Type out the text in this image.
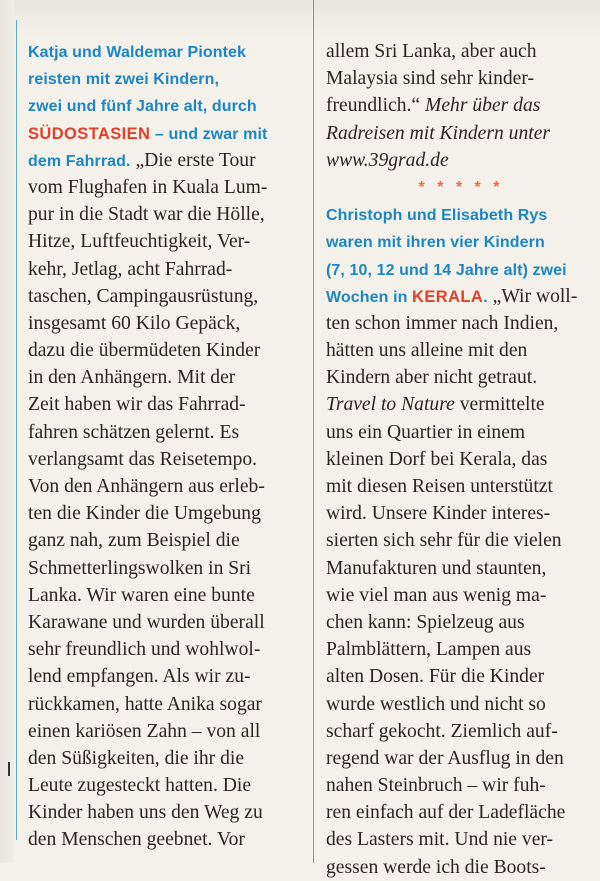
Katja und Waldemar Piontek
reisten mit zwei Kindern,
zwei und fünf Jahre alt, durch
SÜDOSTASIEN – und zwar mit
dem Fahrrad. „Die erste Tour
vom Flughafen in Kuala Lum-
pur in die Stadt war die Hölle,
Hitze, Luftfeuchtigkeit, Ver-
kehr, Jetlag, acht Fahrrad-
taschen, Campingausrüstung,
insgesamt 60 Kilo Gepäck,
dazu die übermüdeten Kinder
in den Anhängern. Mit der
Zeit haben wir das Fahrrad-
fahren schätzen gelernt. Es
verlangsamt das Reisetempo.
Von den Anhängern aus erleb-
ten die Kinder die Umgebung
ganz nah, zum Beispiel die
Schmetterlingswolken in Sri
Lanka. Wir waren eine bunte
Karawane und wurden überall
sehr freundlich und wohlwol-
lend empfangen. Als wir zu-
rückkamen, hatte Anika sogar
einen kariösen Zahn – von all
den Süßigkeiten, die ihr die
Leute zugesteckt hatten. Die
Kinder haben uns den Weg zu
den Menschen geebnet. Vor
allem Sri Lanka, aber auch
Malaysia sind sehr kinder-
freundlich.“ Mehr über das
Radreisen mit Kindern unter
www.39grad.de
* * * * *
Christoph und Elisabeth Rys
waren mit ihren vier Kindern
(7, 10, 12 und 14 Jahre alt) zwei
Wochen in KERALA. „Wir woll-
ten schon immer nach Indien,
hätten uns alleine mit den
Kindern aber nicht getraut.
Travel to Nature vermittelte
uns ein Quartier in einem
kleinen Dorf bei Kerala, das
mit diesen Reisen unterstützt
wird. Unsere Kinder interes-
sierten sich sehr für die vielen
Manufakturen und staunten,
wie viel man aus wenig ma-
chen kann: Spielzeug aus
Palmblättern, Lampen aus
alten Dosen. Für die Kinder
wurde westlich und nicht so
scharf gekocht. Ziemlich auf-
regend war der Ausflug in den
nahen Steinbruch – wir fuh-
ren einfach auf der Ladefläche
des Lasters mit. Und nie ver-
gessen werde ich die Boots-
